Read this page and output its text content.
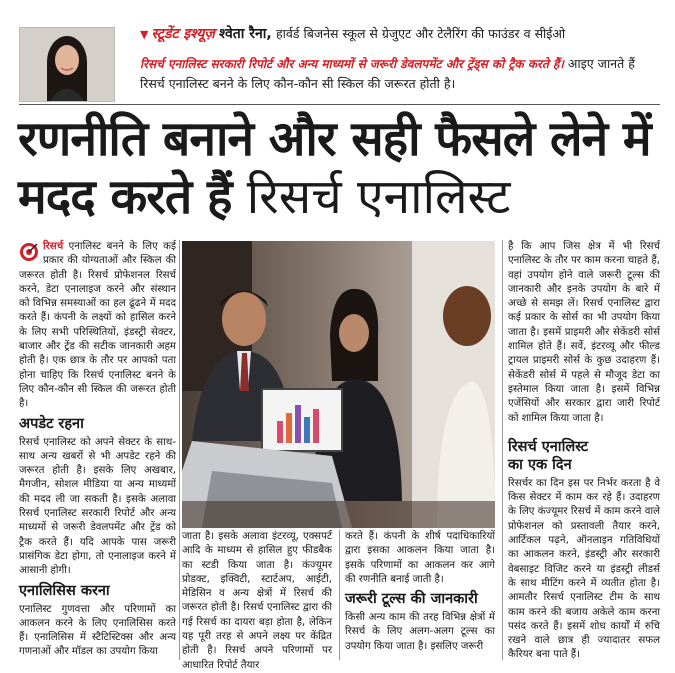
▼ स्टूडेंट इश्यूज़ श्वेता रैना, हार्वर्ड बिजनेस स्कूल से ग्रेजुएट और टेलैरिंग की फाउंडर व सीईओ
रिसर्च एनालिस्ट सरकारी रिपोर्ट और अन्य माध्यमों से जरूरी डेवलपमेंट और ट्रेंड्स को ट्रैक करते हैं। आइए जानते हैं रिसर्च एनालिस्ट बनने के लिए कौन-कौन सी स्किल की जरूरत होती है।
रणनीति बनाने और सही फैसले लेने में
मदद करते हैं रिसर्च एनालिस्ट

रिसर्च एनालिस्ट बनने के लिए कई प्रकार की योग्यताओं और स्किल की जरूरत होती है। रिसर्च प्रोफेशनल रिसर्च करने, डेटा एनालाइज करने और संस्थान को विभिन्न समस्याओं का हल ढूंढने में मदद करते हैं। कंपनी के लक्ष्यों को हासिल करने के लिए सभी परिस्थितियों, इंडस्ट्री सेक्टर, बाजार और ट्रेंड की सटीक जानकारी अहम होती है। एक छात्र के तौर पर आपको पता होना चाहिए कि रिसर्च एनालिस्ट बनने के लिए कौन-कौन सी स्किल की जरूरत होती है।

अपडेट रहना

रिसर्च एनालिस्ट को अपने सेक्टर के साथ-साथ अन्य खबरों से भी अपडेट रहने की जरूरत होती है। इसके लिए अखबार, मैगजीन, सोशल मीडिया या अन्य माध्यमों की मदद ली जा सकती है। इसके अलावा रिसर्च एनालिस्ट सरकारी रिपोर्ट और अन्य माध्यमों से जरूरी डेवलपमेंट और ट्रेंड को ट्रैक करते हैं। यदि आपके पास जरूरी प्रासंगिक डेटा होगा, तो एनालाइज करने में आसानी होगी।

एनालिसिस करना

एनालिस्ट गुणवत्ता और परिणामों का आकलन करने के लिए एनालिसिस करते हैं। एनालिसिस में स्टैटिस्टिक्स और अन्य गणनाओं और मॉडल का उपयोग किया

जाता है। इसके अलावा इंटरव्यू, एक्सपर्ट आदि के माध्यम से हासिल हुए फीडबैक का स्टडी किया जाता है। कंज्यूमर प्रोडक्ट, इक्विटी, स्टार्टअप, आईटी, मेडिसिन व अन्य क्षेत्रों में रिसर्च की जरूरत होती है। रिसर्च एनालिस्ट द्वारा की गई रिसर्च का दायरा बड़ा होता है, लेकिन यह पूरी तरह से अपने लक्ष्य पर केंद्रित होती है। रिसर्च अपने परिणामों पर आधारित रिपोर्ट तैयार

करते हैं। कंपनी के शीर्ष पदाधिकारियों द्वारा इसका आकलन किया जाता है। इसके परिणामों का आकलन कर आगे की रणनीति बनाई जाती है।

जरूरी टूल्स की जानकारी

किसी अन्य काम की तरह विभिन्न क्षेत्रों में रिसर्च के लिए अलग-अलग टूल्स का उपयोग किया जाता है। इसलिए जरूरी

है कि आप जिस क्षेत्र में भी रिसर्च एनालिस्ट के तौर पर काम करना चाहते हैं, वहां उपयोग होने वाले जरूरी टूल्स की जानकारी और इनके उपयोग के बारे में अच्छे से समझ लें। रिसर्च एनालिस्ट द्वारा कई प्रकार के सोर्स का भी उपयोग किया जाता है। इसमें प्राइमरी और सेकेंडरी सोर्स शामिल होते हैं। सर्वे, इंटरव्यू और फील्ड ट्रायल प्राइमरी सोर्स के कुछ उदाहरण हैं। सेकेंडरी सोर्स में पहले से मौजूद डेटा का इस्तेमाल किया जाता है। इसमें विभिन्न एजेंसियों और सरकार द्वारा जारी रिपोर्ट को शामिल किया जाता है।

रिसर्च एनालिस्ट
का एक दिन

रिसर्चर का दिन इस पर निर्भर करता है वे किस सेक्टर में काम कर रहे हैं। उदाहरण के लिए कंज्यूमर रिसर्च में काम करने वाले प्रोफेशनल को प्रस्तावली तैयार करने, आर्टिकल पढ़ने, ऑनलाइन गतिविधियों का आकलन करने, इंडस्ट्री और सरकारी वेबसाइट विजिट करने या इंडस्ट्री लीडर्स के साथ मीटिंग करने में व्यतीत होता है। आमतौर रिसर्च एनालिस्ट टीम के साथ काम करने की बजाय अकेले काम करना पसंद करते हैं। इसमें शोध कार्यों में रुचि रखने वाले छात्र ही ज्यादातर सफल कैरियर बना पाते हैं।
